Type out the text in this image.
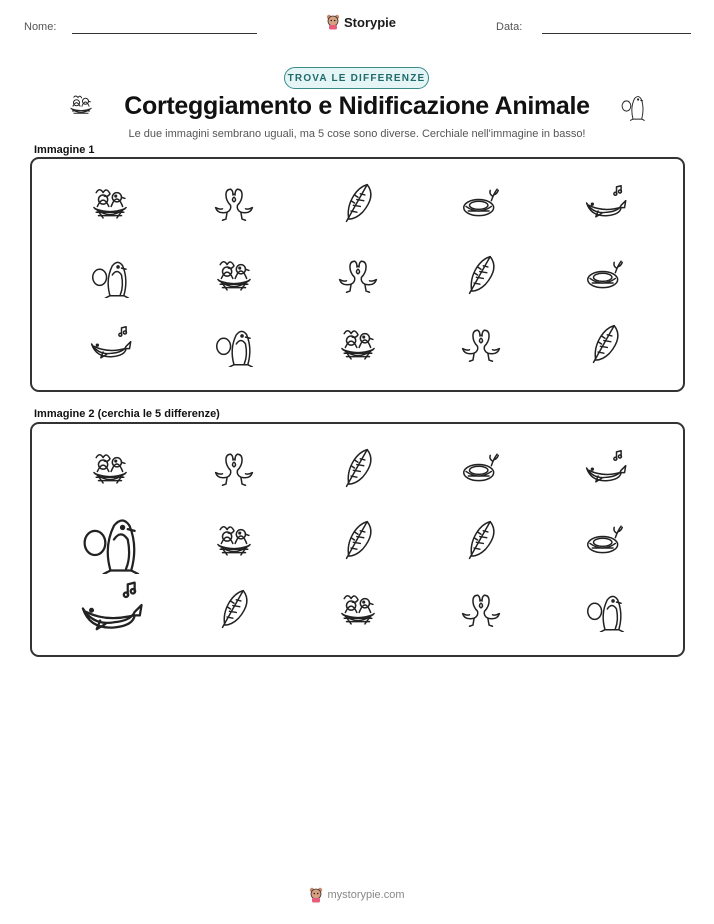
Nome:	Storypie	Data:
TROVA LE DIFFERENZE
Corteggiamento e Nidificazione Animale
Le due immagini sembrano uguali, ma 5 cose sono diverse. Cerchiale nell'immagine in basso!
Immagine 1
Immagine 2 (cerchia le 5 differenze)
mystorypie.com
